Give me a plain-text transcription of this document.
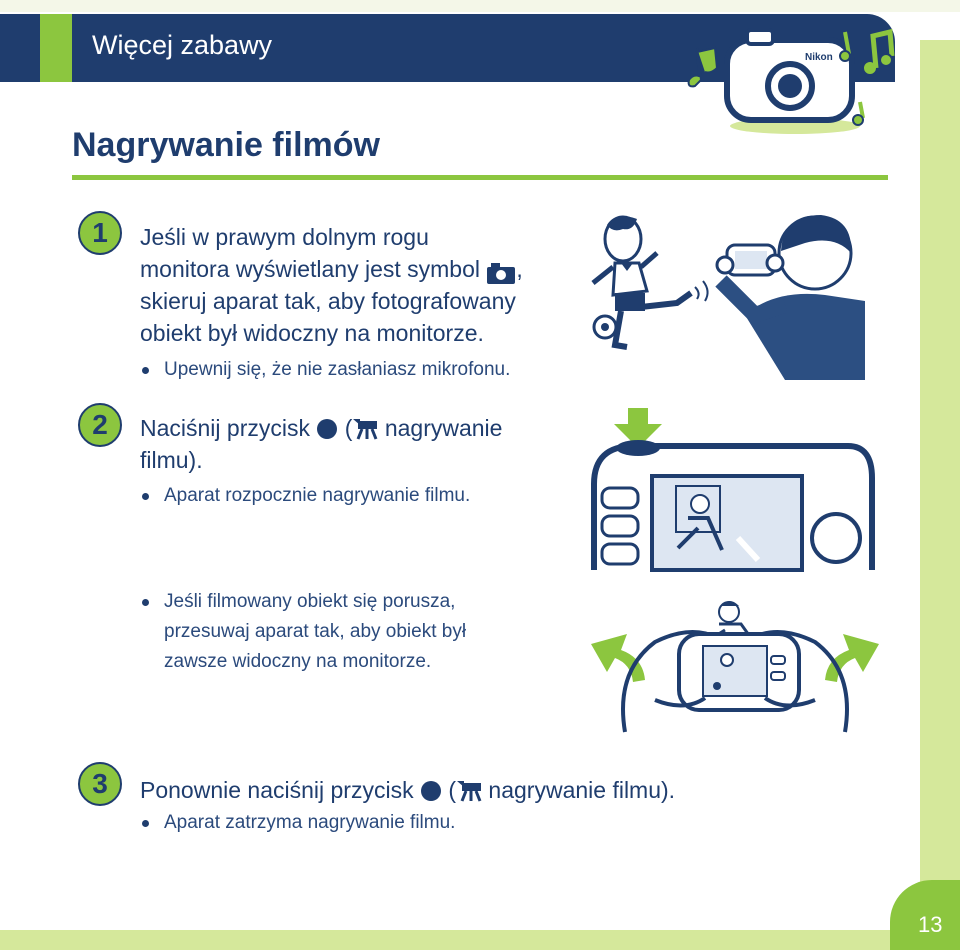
Więcej zabawy	Nikon
Nagrywanie filmów
1	Jeśli w prawym dolnym rogu
monitora wyświetlany jest symbol ,
skieruj aparat tak, aby fotografowany
obiekt był widoczny na monitorze.
Upewnij się, że nie zasłaniasz mikrofonu.
2	Naciśnij przycisk ( nagrywanie
filmu).
Aparat rozpocznie nagrywanie filmu.
Jeśli filmowany obiekt się porusza,
przesuwaj aparat tak, aby obiekt był
zawsze widoczny na monitorze.
3	Ponownie naciśnij przycisk ( nagrywanie filmu).
Aparat zatrzyma nagrywanie filmu.
13
